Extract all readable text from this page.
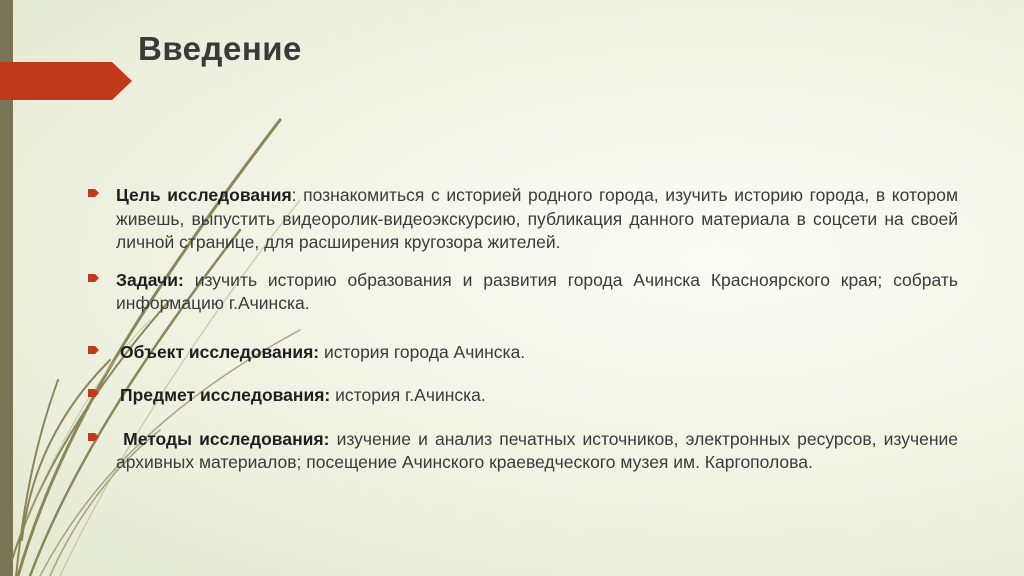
Введение
Цель исследования: познакомиться с историей родного города, изучить историю города, в котором живешь, выпустить видеоролик-видеоэкскурсию, публикация данного материала в соцсети на своей личной странице, для расширения кругозора жителей.
Задачи: изучить историю образования и развития города Ачинска Красноярского края; собрать информацию г.Ачинска.
Объект исследования: история города Ачинска.
Предмет исследования: история г.Ачинска.
Методы исследования: изучение и анализ печатных источников, электронных ресурсов, изучение архивных материалов; посещение Ачинского краеведческого музея им. Каргополова.
